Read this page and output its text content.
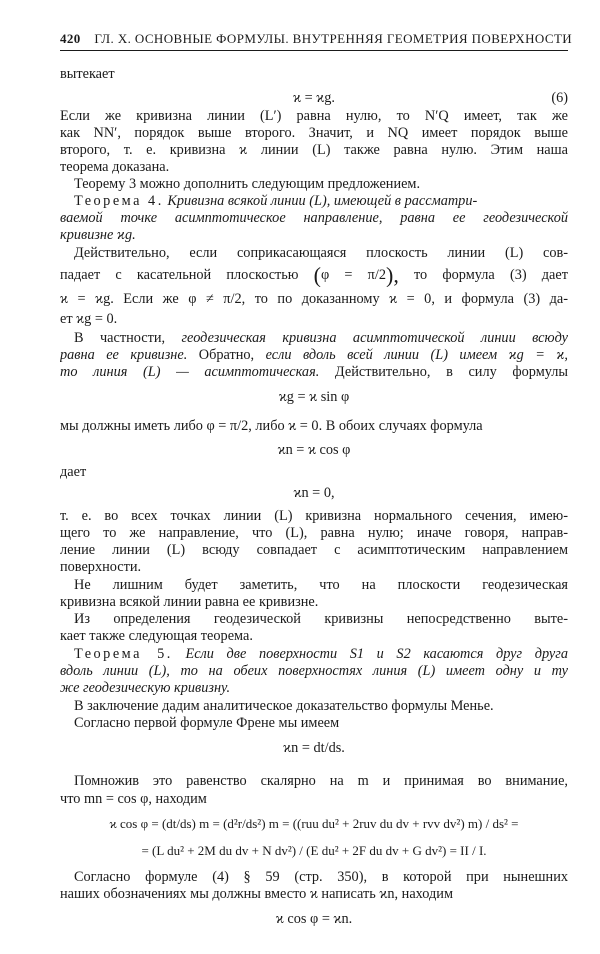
420 ГЛ. X. ОСНОВНЫЕ ФОРМУЛЫ. ВНУТРЕННЯЯ ГЕОМЕТРИЯ ПОВЕРХНОСТИ
вытекает
ϰ = ϰg.	(6)
Если же кривизна линии (L′) равна нулю, то N′Q имеет, так же
как NN′, порядок выше второго. Значит, и NQ имеет порядок выше
второго, т. е. кривизна ϰ линии (L) также равна нулю. Этим наша
теорема доказана.
Теорему 3 можно дополнить следующим предложением.
Теорема 4. Кривизна всякой линии (L), имеющей в рассматри-
ваемой точке асимптотическое направление, равна ее геодезической
кривизне ϰg.
Действительно, если соприкасающаяся плоскость линии (L) сов-
падает с касательной плоскостью (φ = π/2), то формула (3) дает
ϰ = ϰg. Если же φ ≠ π/2, то по доказанному ϰ = 0, и формула (3) да-
ет ϰg = 0.
В частности, геодезическая кривизна асимптотической линии всюду
равна ее кривизне. Обратно, если вдоль всей линии (L) имеем ϰg = ϰ,
то линия (L) — асимптотическая. Действительно, в силу формулы
ϰg = ϰ sin φ
мы должны иметь либо φ = π/2, либо ϰ = 0. В обоих случаях формула
ϰn = ϰ cos φ
дает
ϰn = 0,
т. е. во всех точках линии (L) кривизна нормального сечения, имею-
щего то же направление, что (L), равна нулю; иначе говоря, направ-
ление линии (L) всюду совпадает с асимптотическим направлением
поверхности.
Не лишним будет заметить, что на плоскости геодезическая
кривизна всякой линии равна ее кривизне.
Из определения геодезической кривизны непосредственно выте-
кает также следующая теорема.
Теорема 5. Если две поверхности S1 и S2 касаются друг друга
вдоль линии (L), то на обеих поверхностях линия (L) имеет одну и ту
же геодезическую кривизну.
В заключение дадим аналитическое доказательство формулы Менье.
Согласно первой формуле Френе мы имеем
ϰn = dt/ds.
Помножив это равенство скалярно на m и принимая во внимание,
что mn = cos φ, находим
ϰ cos φ = (dt/ds) m = (d²r/ds²) m = ((ruu du² + 2ruv du dv + rvv dv²) m) / ds² =
= (L du² + 2M du dv + N dv²) / (E du² + 2F du dv + G dv²) = II / I.
Согласно формуле (4) § 59 (стр. 350), в которой при нынешних
наших обозначениях мы должны вместо ϰ написать ϰn, находим
ϰ cos φ = ϰn.
